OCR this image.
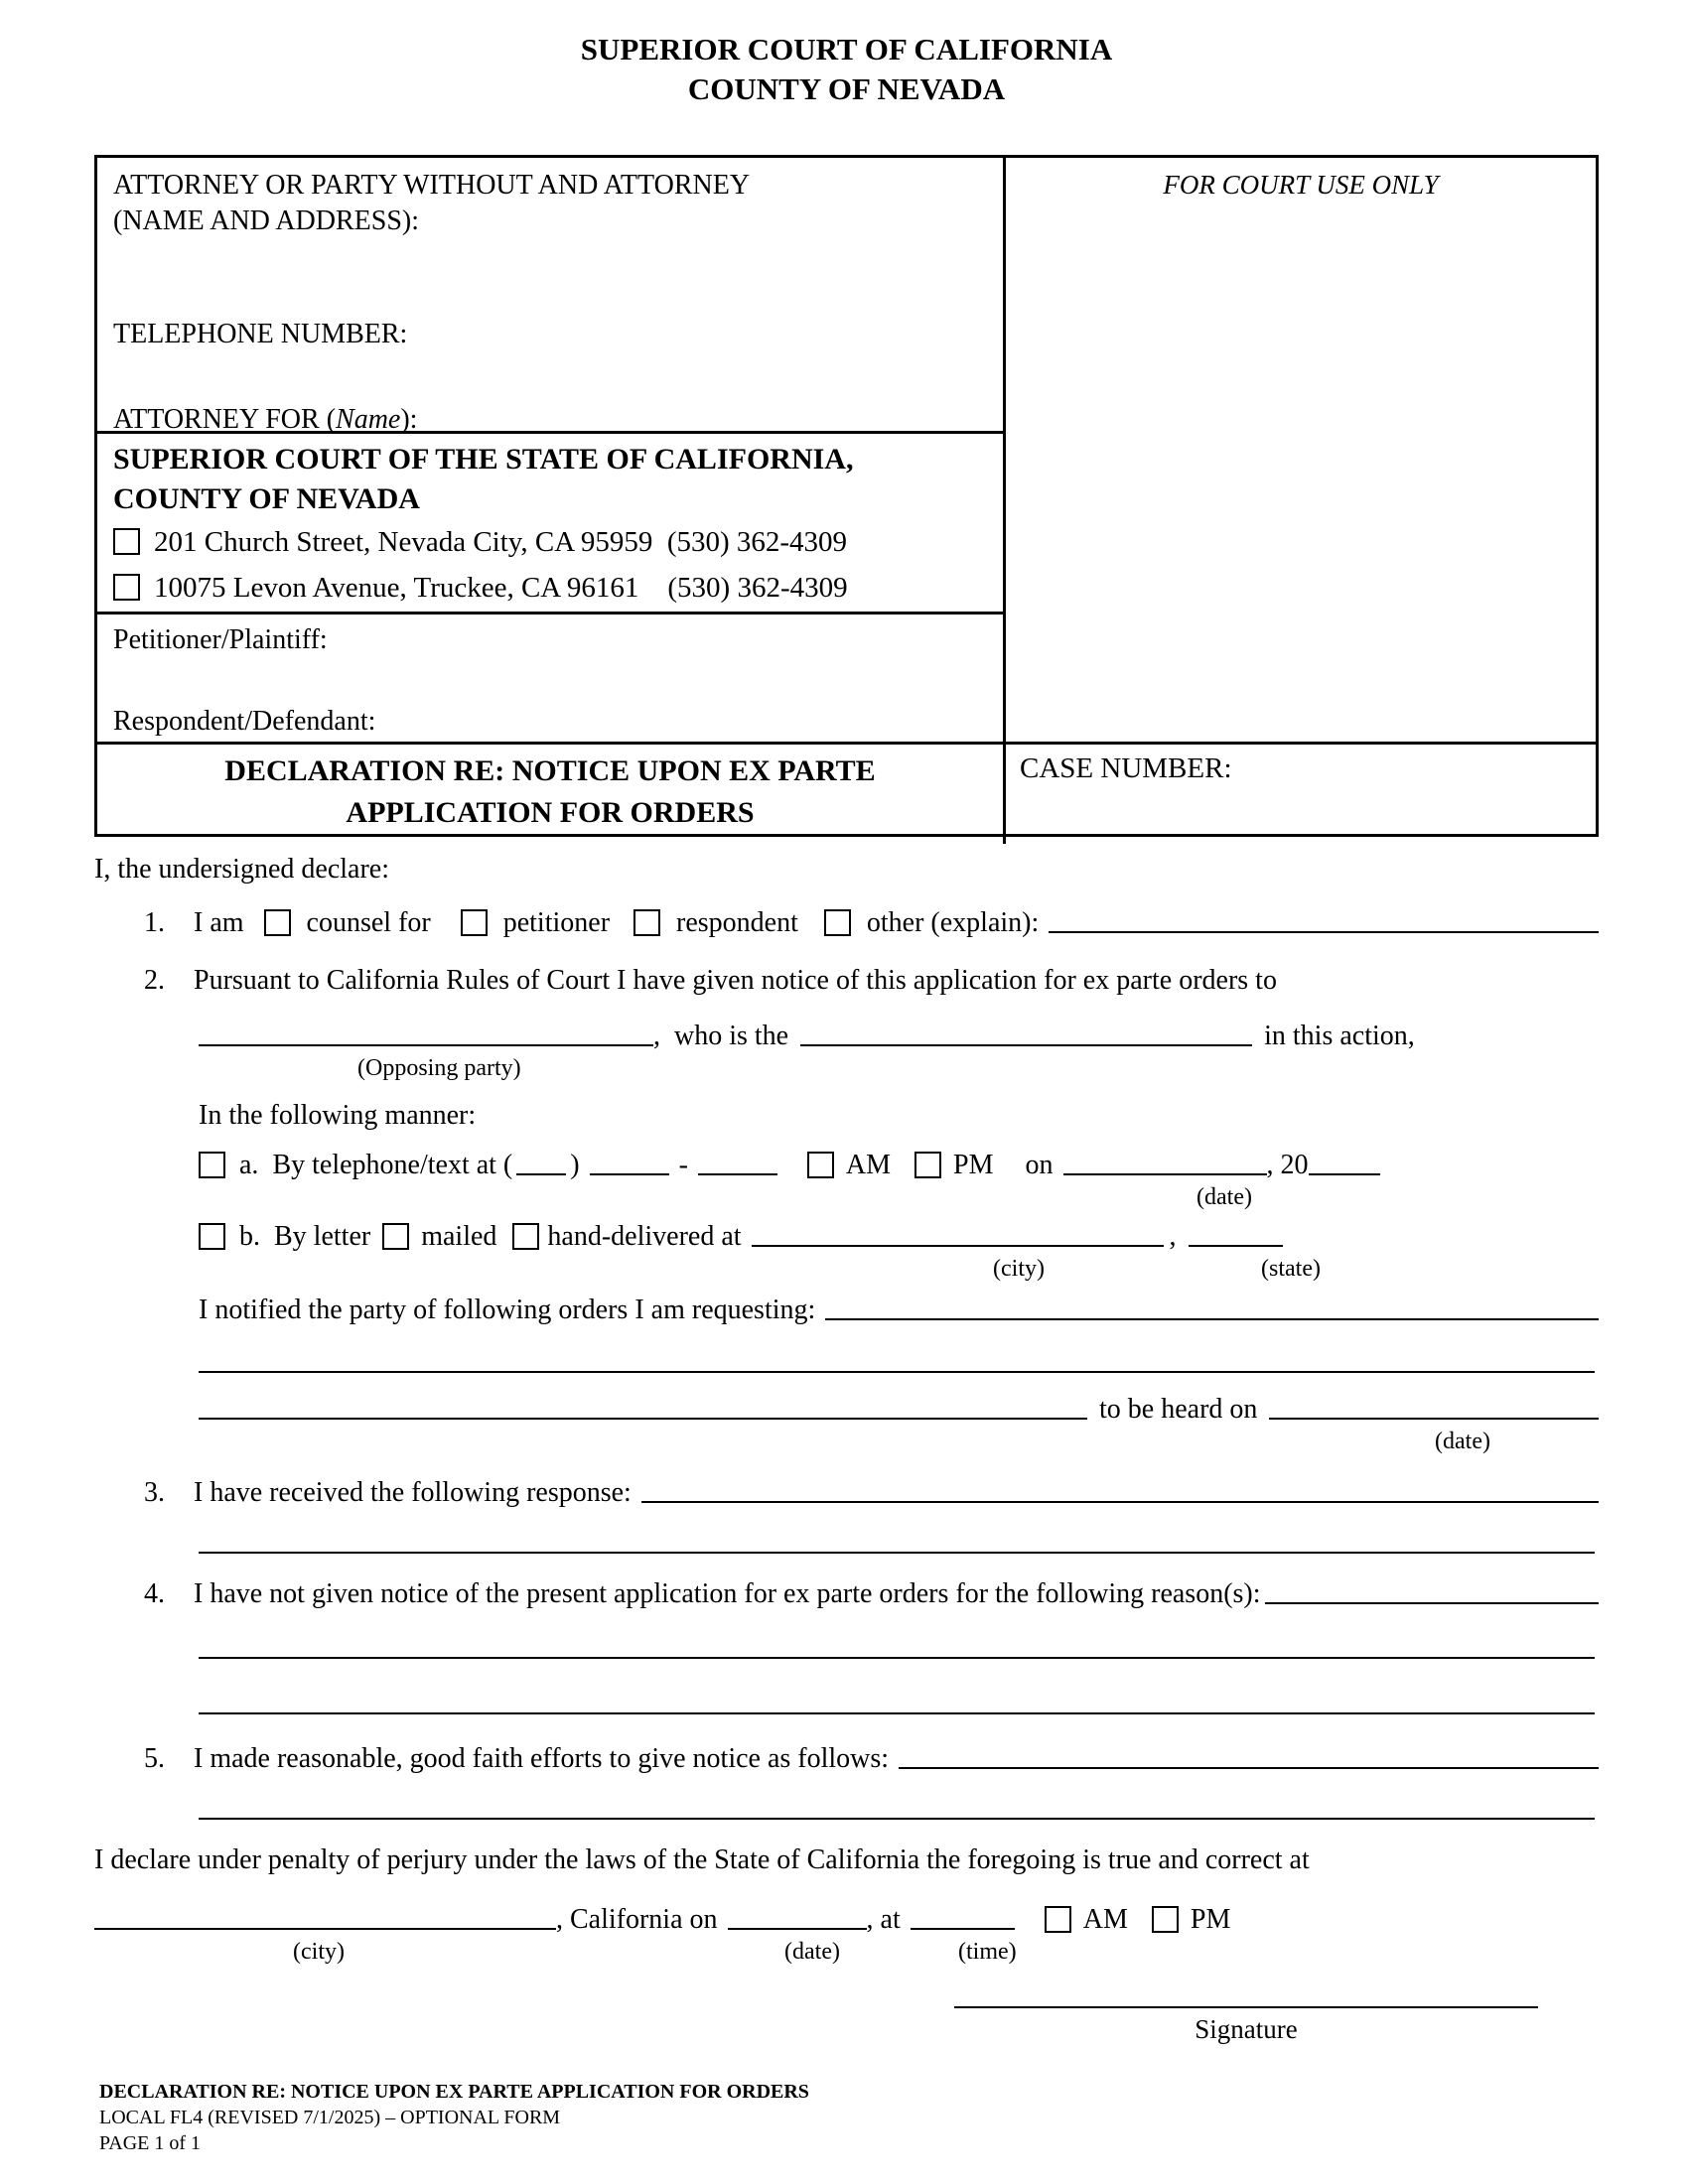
SUPERIOR COURT OF CALIFORNIA
COUNTY OF NEVADA
ATTORNEY OR PARTY WITHOUT AND ATTORNEY
(NAME AND ADDRESS):
TELEPHONE NUMBER:
ATTORNEY FOR (Name):
FOR COURT USE ONLY
SUPERIOR COURT OF THE STATE OF CALIFORNIA,
COUNTY OF NEVADA
201 Church Street, Nevada City, CA 95959  (530) 362-4309
10075 Levon Avenue, Truckee, CA 96161    (530) 362-4309
Petitioner/Plaintiff:
Respondent/Defendant:
DECLARATION RE: NOTICE UPON EX PARTE
APPLICATION FOR ORDERS
CASE NUMBER:
I, the undersigned declare:
1.	I am counsel for	petitioner respondent other (explain):
2.	Pursuant to California Rules of Court I have given notice of this application for ex parte orders to
,  who is the	in this action,
(Opposing party)
In the following manner:
a. By telephone/text at ( )	-	AM PM on	, 20
(date)
b. By letter mailed hand-delivered at	,
(city)	(state)
I notified the party of following orders I am requesting:
to be heard on
(date)
3.	I have received the following response:
4.	I have not given notice of the present application for ex parte orders for the following reason(s):
5.	I made reasonable, good faith efforts to give notice as follows:
I declare under penalty of perjury under the laws of the State of California the foregoing is true and correct at
, California on	, at	AM PM
(city)	(date)	(time)
Signature
DECLARATION RE: NOTICE UPON EX PARTE APPLICATION FOR ORDERS
LOCAL FL4 (REVISED 7/1/2025) – OPTIONAL FORM
PAGE 1 of 1
